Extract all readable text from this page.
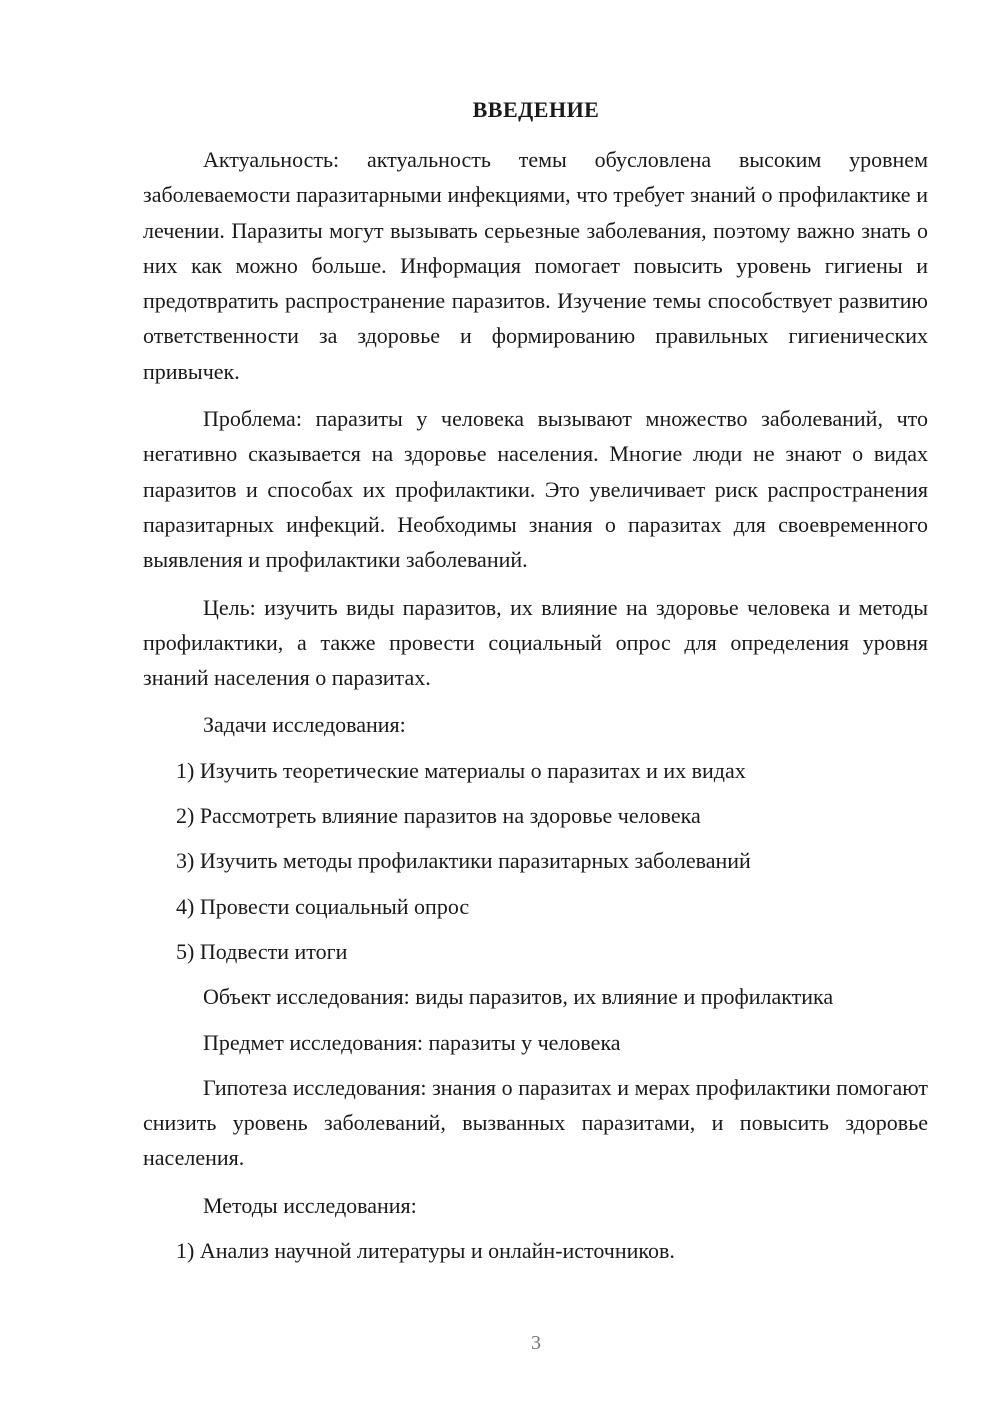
ВВЕДЕНИЕ

Актуальность: актуальность темы обусловлена высоким уровнем заболеваемости паразитарными инфекциями, что требует знаний о профилактике и лечении. Паразиты могут вызывать серьезные заболевания, поэтому важно знать о них как можно больше. Информация помогает повысить уровень гигиены и предотвратить распространение паразитов. Изучение темы способствует развитию ответственности за здоровье и формированию правильных гигиенических привычек.

Проблема: паразиты у человека вызывают множество заболеваний, что негативно сказывается на здоровье населения. Многие люди не знают о видах паразитов и способах их профилактики. Это увеличивает риск распространения паразитарных инфекций. Необходимы знания о паразитах для своевременного выявления и профилактики заболеваний.

Цель: изучить виды паразитов, их влияние на здоровье человека и методы профилактики, а также провести социальный опрос для определения уровня знаний населения о паразитах.

Задачи исследования:
1) Изучить теоретические материалы о паразитах и их видах
2) Рассмотреть влияние паразитов на здоровье человека
3) Изучить методы профилактики паразитарных заболеваний
4) Провести социальный опрос
5) Подвести итоги
Объект исследования: виды паразитов, их влияние и профилактика
Предмет исследования: паразиты у человека

Гипотеза исследования: знания о паразитах и мерах профилактики помогают снизить уровень заболеваний, вызванных паразитами, и повысить здоровье населения.

Методы исследования:
1) Анализ научной литературы и онлайн-источников.
3
